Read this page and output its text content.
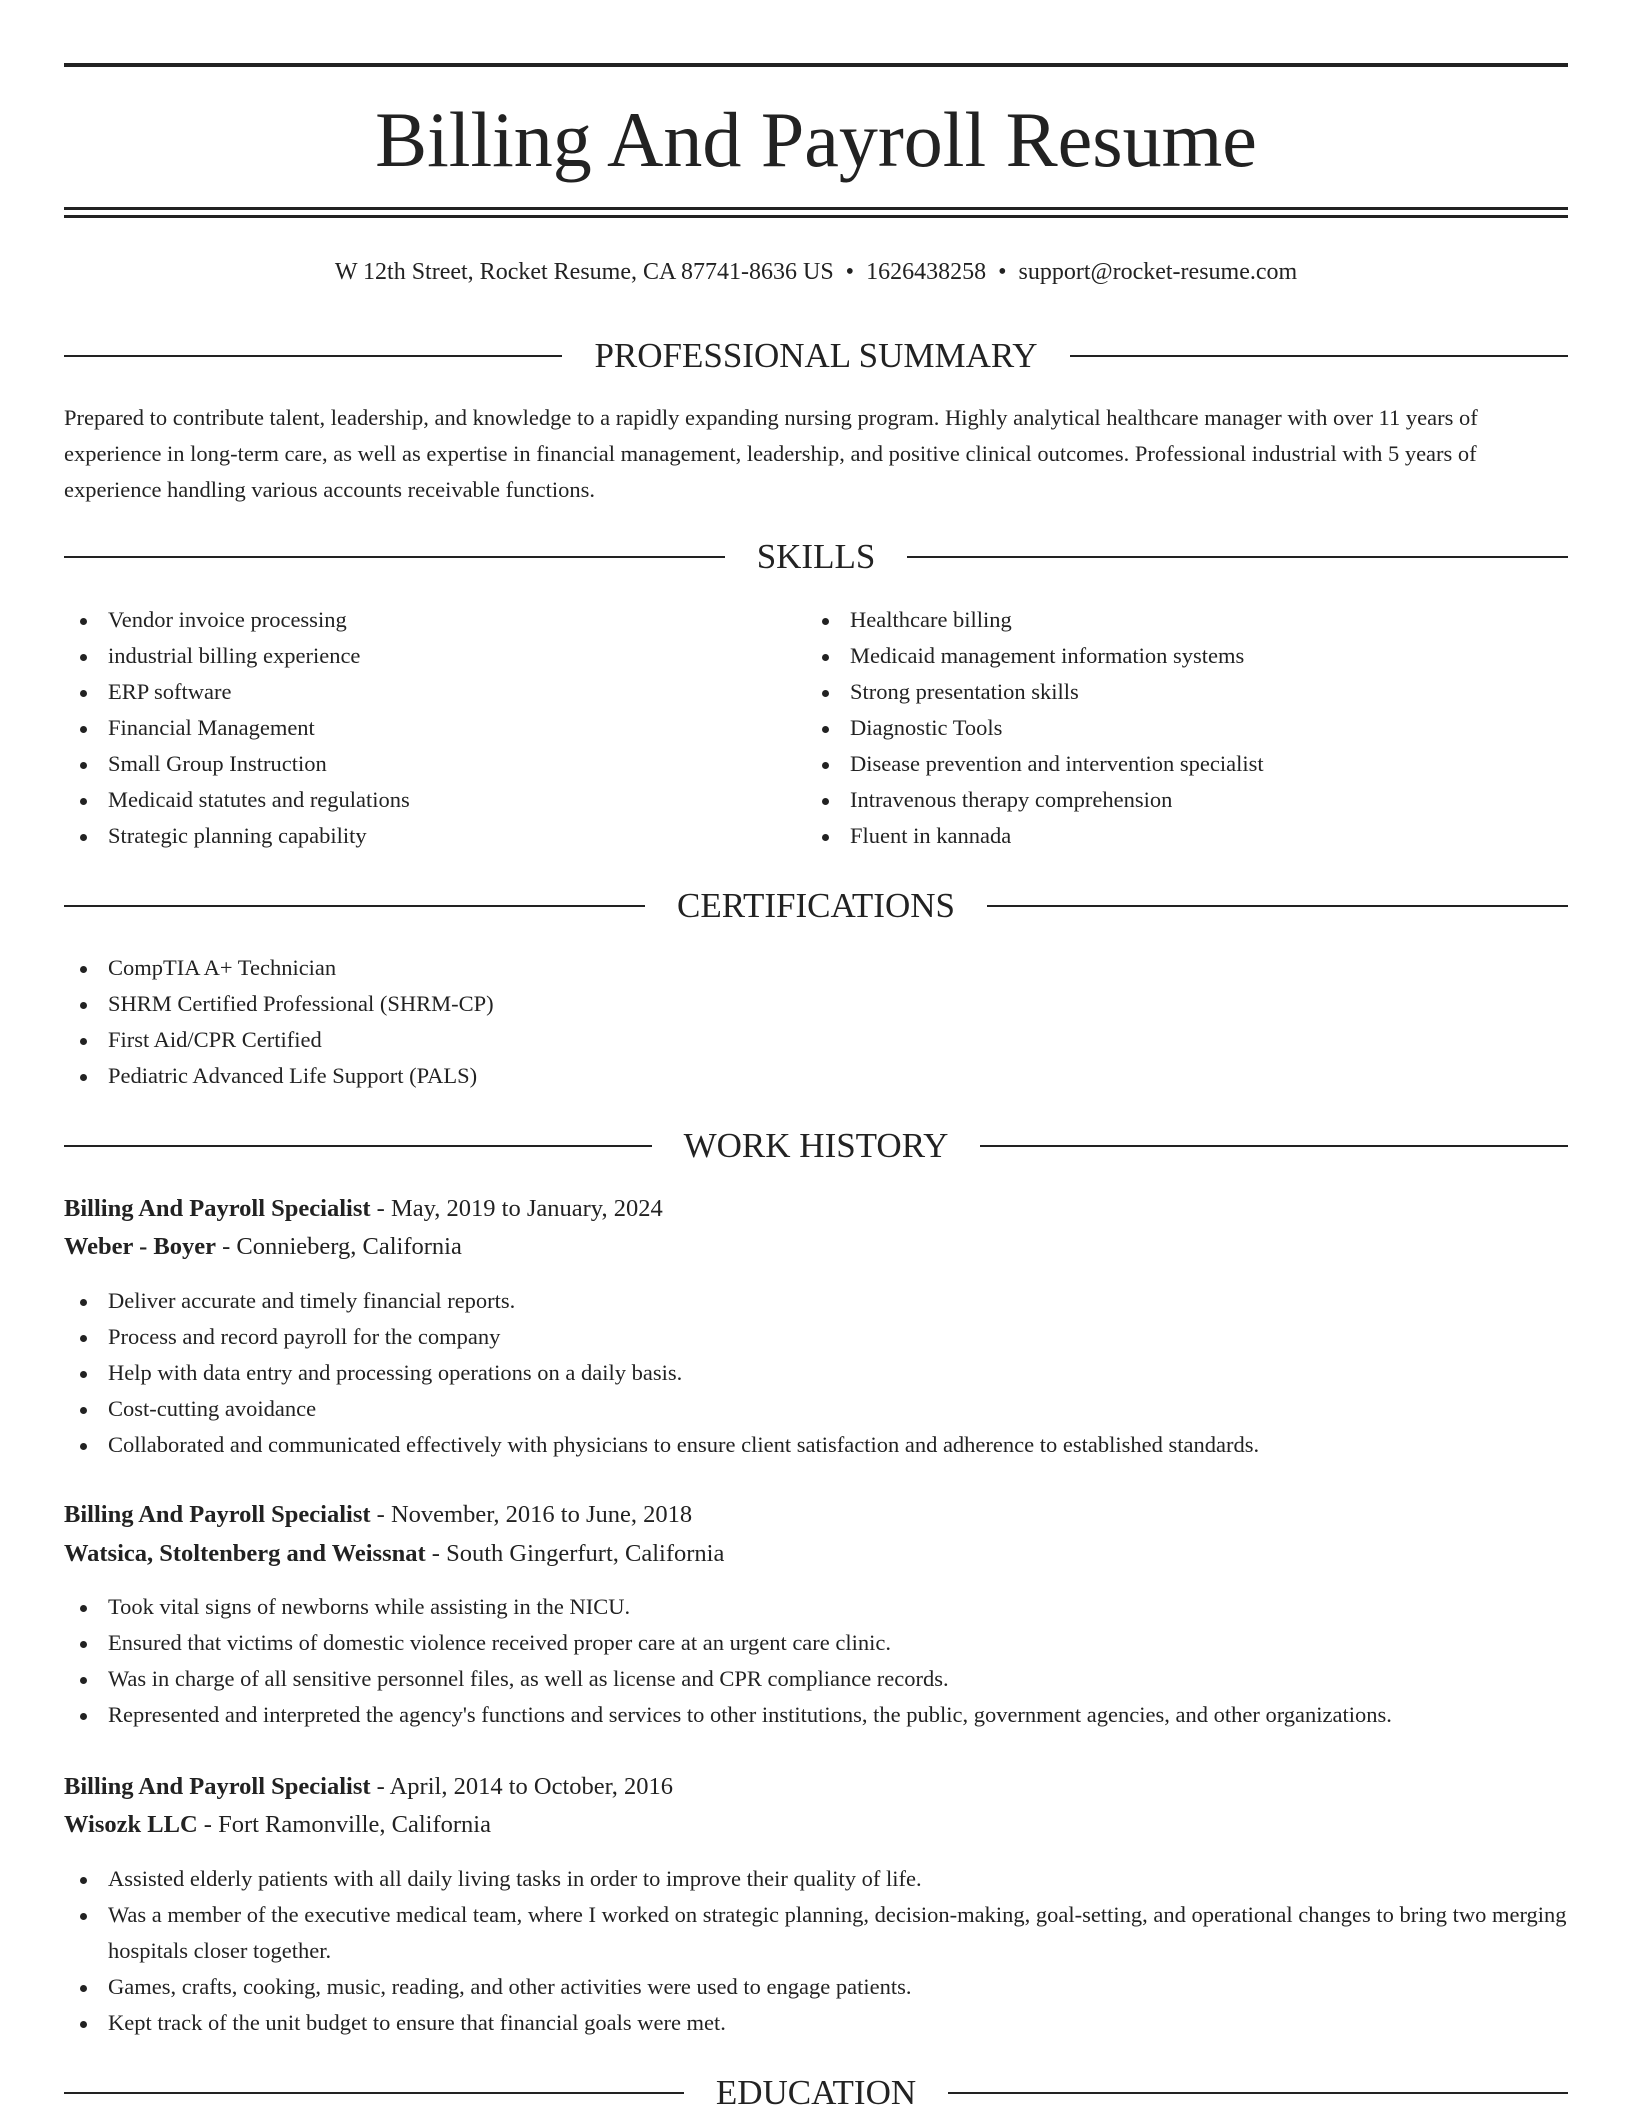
Billing And Payroll Resume
W 12th Street, Rocket Resume, CA 87741-8636 US • 1626438258 • support@rocket-resume.com
PROFESSIONAL SUMMARY

Prepared to contribute talent, leadership, and knowledge to a rapidly expanding nursing program. Highly analytical healthcare manager with over 11 years of experience in long-term care, as well as expertise in financial management, leadership, and positive clinical outcomes. Professional industrial with 5 years of experience handling various accounts receivable functions.

SKILLS
Vendor invoice processing
industrial billing experience
ERP software
Financial Management
Small Group Instruction
Medicaid statutes and regulations
Strategic planning capability
Healthcare billing
Medicaid management information systems
Strong presentation skills
Diagnostic Tools
Disease prevention and intervention specialist
Intravenous therapy comprehension
Fluent in kannada
CERTIFICATIONS
CompTIA A+ Technician
SHRM Certified Professional (SHRM-CP)
First Aid/CPR Certified
Pediatric Advanced Life Support (PALS)
WORK HISTORY
Billing And Payroll Specialist - May, 2019 to January, 2024
Weber - Boyer - Connieberg, California
Deliver accurate and timely financial reports.
Process and record payroll for the company
Help with data entry and processing operations on a daily basis.
Cost-cutting avoidance
Collaborated and communicated effectively with physicians to ensure client satisfaction and adherence to established standards.
Billing And Payroll Specialist - November, 2016 to June, 2018
Watsica, Stoltenberg and Weissnat - South Gingerfurt, California
Took vital signs of newborns while assisting in the NICU.
Ensured that victims of domestic violence received proper care at an urgent care clinic.
Was in charge of all sensitive personnel files, as well as license and CPR compliance records.
Represented and interpreted the agency's functions and services to other institutions, the public, government agencies, and other organizations.
Billing And Payroll Specialist - April, 2014 to October, 2016
Wisozk LLC - Fort Ramonville, California
Assisted elderly patients with all daily living tasks in order to improve their quality of life.
Was a member of the executive medical team, where I worked on strategic planning, decision-making, goal-setting, and operational changes to bring two merging hospitals closer together.
Games, crafts, cooking, music, reading, and other activities were used to engage patients.
Kept track of the unit budget to ensure that financial goals were met.
EDUCATION
